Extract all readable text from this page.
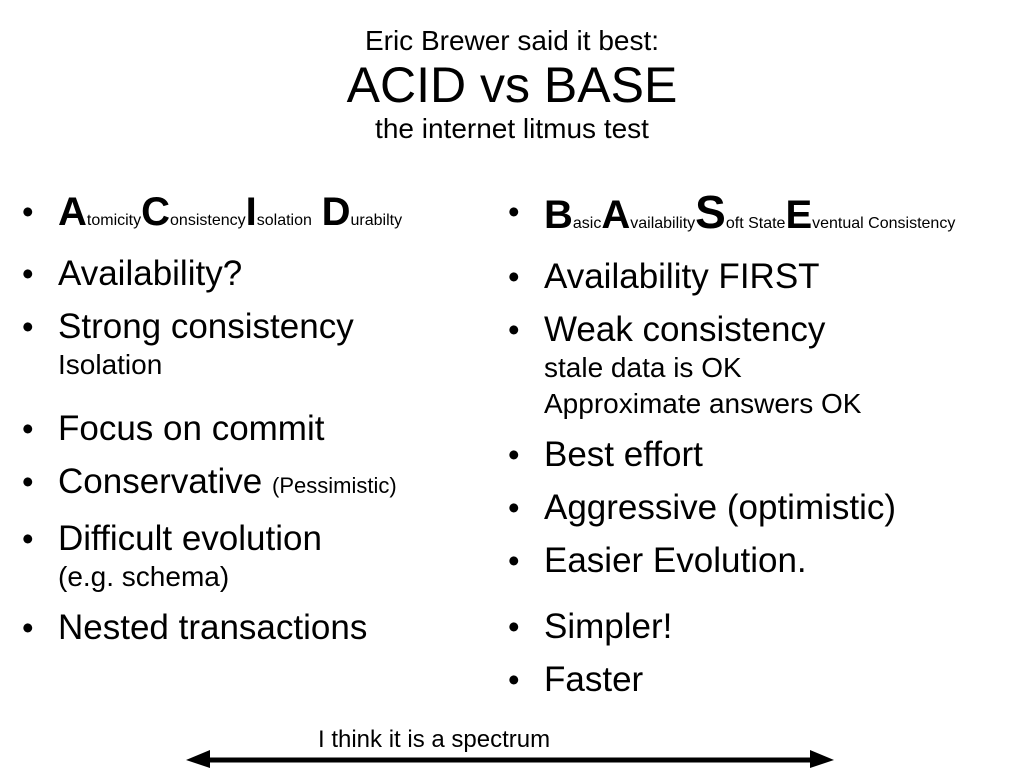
Eric Brewer said it best:
ACID vs BASE
the internet litmus test
• AtomicityConsistencyIsolation Durabilty
• Availability?
• Strong consistency
Isolation
• Focus on commit
• Conservative (Pessimistic)
• Difficult evolution
(e.g. schema)
• Nested transactions
• BasicAvailabilitySoft StateEventual Consistency
• Availability FIRST
• Weak consistency
stale data is OK
Approximate answers OK
• Best effort
• Aggressive (optimistic)
• Easier Evolution.
• Simpler!
• Faster
I think it is a spectrum
